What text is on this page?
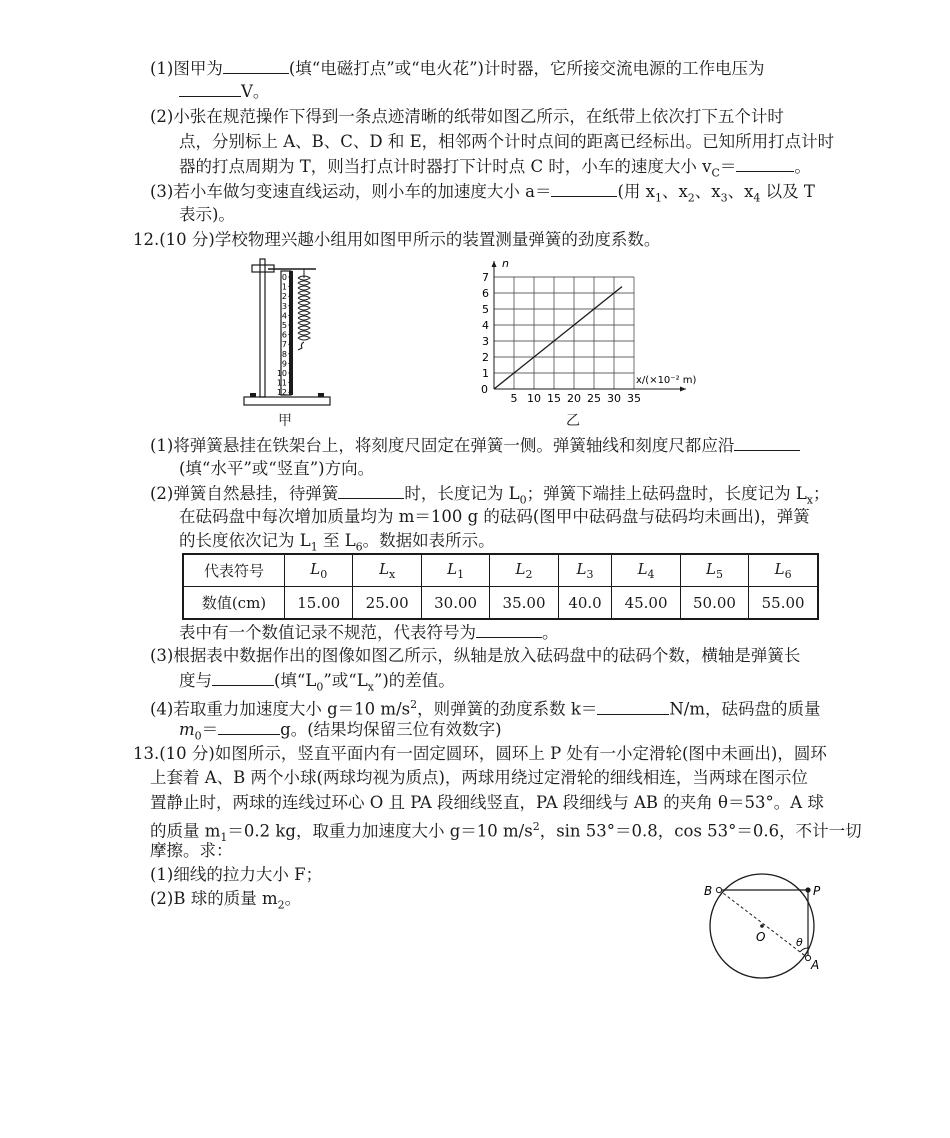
(1)图甲为	(填“电磁打点”或“电火花”)计时器，它所接交流电源的工作电压为
V。
(2)小张在规范操作下得到一条点迹清晰的纸带如图乙所示，在纸带上依次打下五个计时
点，分别标上 A、B、C、D 和 E，相邻两个计时点间的距离已经标出。已知所用打点计时
器的打点周期为 T，则当打点计时器打下计时点 C 时，小车的速度大小 $v_C=$	。
(3)若小车做匀变速直线运动，则小车的加速度大小 a＝	(用 $x_1$、$x_2$、$x_3$、$x_4$ 以及 T
表示)。
12.(10 分)学校物理兴趣小组用如图甲所示的装置测量弹簧的劲度系数。
0
1
2
3
4
5
6
7
8
9
10
11
12
甲
5 10 15 20 25 30 35
1
2
3
4
5
6
7
0
n
x/(×10⁻² m)
乙
(1)将弹簧悬挂在铁架台上，将刻度尺固定在弹簧一侧。弹簧轴线和刻度尺都应沿
(填“水平”或“竖直”)方向。
(2)弹簧自然悬挂，待弹簧	时，长度记为 $L_0$；弹簧下端挂上砝码盘时，长度记为 $L_x$；
在砝码盘中每次增加质量均为 m＝100 g 的砝码(图甲中砝码盘与砝码均未画出)，弹簧
的长度依次记为 $L_1$ 至 $L_6$。数据如表所示。
代表符号	$L_0$	$L_x$	$L_1$	$L_2$	$L_3$	$L_4$	$L_5$	$L_6$
数值(cm)	15.00	25.00	30.00	35.00	40.0	45.00	50.00	55.00
表中有一个数值记录不规范，代表符号为	。
(3)根据表中数据作出的图像如图乙所示，纵轴是放入砝码盘中的砝码个数，横轴是弹簧长
度与	(填“$L_0$”或“$L_x$”)的差值。
(4)若取重力加速度大小 g＝10 $m/s^2$，则弹簧的劲度系数 k＝	N/m，砝码盘的质量
$m_0=$	g。(结果均保留三位有效数字)
13.(10 分)如图所示，竖直平面内有一固定圆环，圆环上 P 处有一小定滑轮(图中未画出)，圆环
上套着 A、B 两个小球(两球均视为质点)，两球用绕过定滑轮的细线相连，当两球在图示位
置静止时，两球的连线过环心 O 且 PA 段细线竖直，PA 段细线与 AB 的夹角 θ＝53°。A 球
的质量 $m_1=0.2$ kg，取重力加速度大小 g＝10 $m/s^2$，sin 53°＝0.8，cos 53°＝0.6，不计一切
摩擦。求：
(1)细线的拉力大小 F；
(2)B 球的质量 $m_2$。	B	P
O
A
θ
